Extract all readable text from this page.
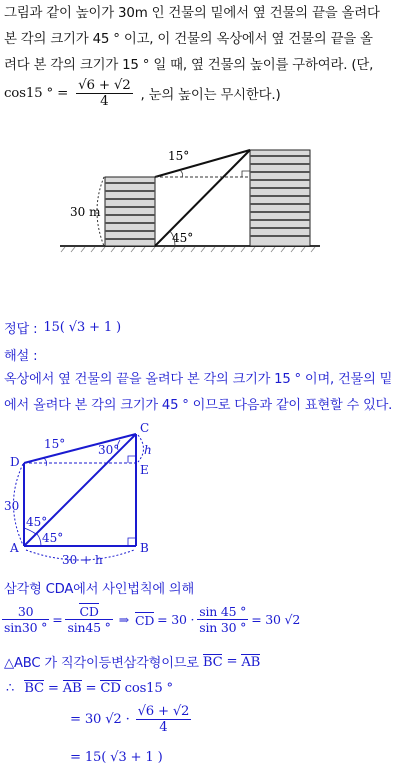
그림과 같이 높이가 30m 인 건물의 밑에서 옆 건물의 끝을 올려다
본 각의 크기가 45 ° 이고, 이 건물의 옥상에서 옆 건물의 끝을 올
려다 본 각의 크기가 15 ° 일 때, 옆 건물의 높이를 구하여라. (단,
cos15 ° = $\frac{√6 + √2}{4}$ , 눈의 높이는 무시한다.)
30 m
15°
45°
정답 : 15( √3 + 1 )
해설 :
옥상에서 옆 건물의 끝을 올려다 본 각의 크기가 15 ° 이며, 건물의 밑
에서 올려다 본 각의 크기가 45 ° 이므로 다음과 같이 표현할 수 있다.
C
D
E
A	B
h
30
15°	30°
45°
45°
30 + h
삼각형 CDA에서 사인법칙에 의해
$\frac{30}{\sin 30 ^\circ} = \frac{CD}{\sin 45 ^\circ}$ ⇒ CD = $30 \cdot \frac{\sin 45 ^\circ}{\sin 30 ^\circ} = 30$ √2
△ABC 가 직각이등변삼각형이므로 BC = AB
∴ BC = AB = CD cos15 °
= 30 $√2 \cdot \frac{√6 + √2}{4}$
= 15( √3 + 1 )
